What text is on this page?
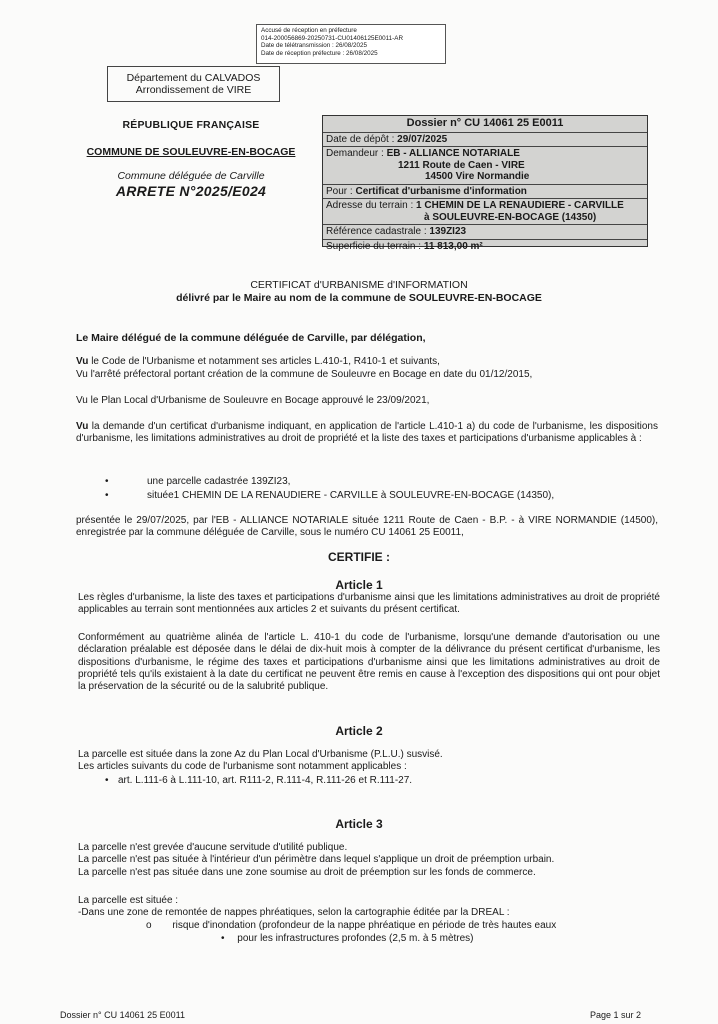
Accusé de réception en préfecture
014-200056869-20250731-CU01406125E0011-AR
Date de télétransmission : 26/08/2025
Date de réception préfecture : 26/08/2025
Département du CALVADOS
Arrondissement de VIRE
RÉPUBLIQUE FRANÇAISE
COMMUNE DE SOULEUVRE-EN-BOCAGE
Commune déléguée de Carville
ARRETE N°2025/E024
Dossier n° CU 14061 25 E0011
Date de dépôt : 29/07/2025
Demandeur : EB - ALLIANCE NOTARIALE
1211 Route de Caen - VIRE
14500 Vire Normandie
Pour : Certificat d'urbanisme d'information
Adresse du terrain : 1 CHEMIN DE LA RENAUDIERE - CARVILLE
à SOULEUVRE-EN-BOCAGE (14350)
Référence cadastrale : 139ZI23
Superficie du terrain : 11 813,00 m²
CERTIFICAT d'URBANISME d'INFORMATION
délivré par le Maire au nom de la commune de SOULEUVRE-EN-BOCAGE
Le Maire délégué de la commune déléguée de Carville, par délégation,
Vu le Code de l'Urbanisme et notamment ses articles L.410-1, R410-1 et suivants,
Vu l'arrêté préfectoral portant création de la commune de Souleuvre en Bocage en date du 01/12/2015,
Vu le Plan Local d'Urbanisme de Souleuvre en Bocage approuvé le 23/09/2021,
Vu la demande d'un certificat d'urbanisme indiquant, en application de l'article L.410-1 a) du code de l'urbanisme, les dispositions d'urbanisme, les limitations administratives au droit de propriété et la liste des taxes et participations d'urbanisme applicables à :
•	une parcelle cadastrée 139ZI23,
•	située1 CHEMIN DE LA RENAUDIERE - CARVILLE à SOULEUVRE-EN-BOCAGE (14350),
présentée le 29/07/2025, par l'EB - ALLIANCE NOTARIALE située 1211 Route de Caen - B.P. - à VIRE NORMANDIE (14500), enregistrée par la commune déléguée de Carville, sous le numéro CU 14061 25 E0011,
CERTIFIE :
Article 1
Les règles d'urbanisme, la liste des taxes et participations d'urbanisme ainsi que les limitations administratives au droit de propriété applicables au terrain sont mentionnées aux articles 2 et suivants du présent certificat.
Conformément au quatrième alinéa de l'article L. 410-1 du code de l'urbanisme, lorsqu'une demande d'autorisation ou une déclaration préalable est déposée dans le délai de dix-huit mois à compter de la délivrance du présent certificat d'urbanisme, les dispositions d'urbanisme, le régime des taxes et participations d'urbanisme ainsi que les limitations administratives au droit de propriété tels qu'ils existaient à la date du certificat ne peuvent être remis en cause à l'exception des dispositions qui ont pour objet la préservation de la sécurité ou de la salubrité publique.
Article 2
La parcelle est située dans la zone Az du Plan Local d'Urbanisme (P.L.U.) susvisé.
Les articles suivants du code de l'urbanisme sont notamment applicables :
• art. L.111-6 à L.111-10, art. R111-2, R.111-4, R.111-26 et R.111-27.
Article 3
La parcelle n'est grevée d'aucune servitude d'utilité publique.
La parcelle n'est pas située à l'intérieur d'un périmètre dans lequel s'applique un droit de préemption urbain.
La parcelle n'est pas située dans une zone soumise au droit de préemption sur les fonds de commerce.
La parcelle est située :
-Dans une zone de remontée de nappes phréatiques, selon la cartographie éditée par la DREAL :
o risque d'inondation (profondeur de la nappe phréatique en période de très hautes eaux
• pour les infrastructures profondes (2,5 m. à 5 mètres)
Dossier n° CU 14061 25 E0011	Page 1 sur 2
